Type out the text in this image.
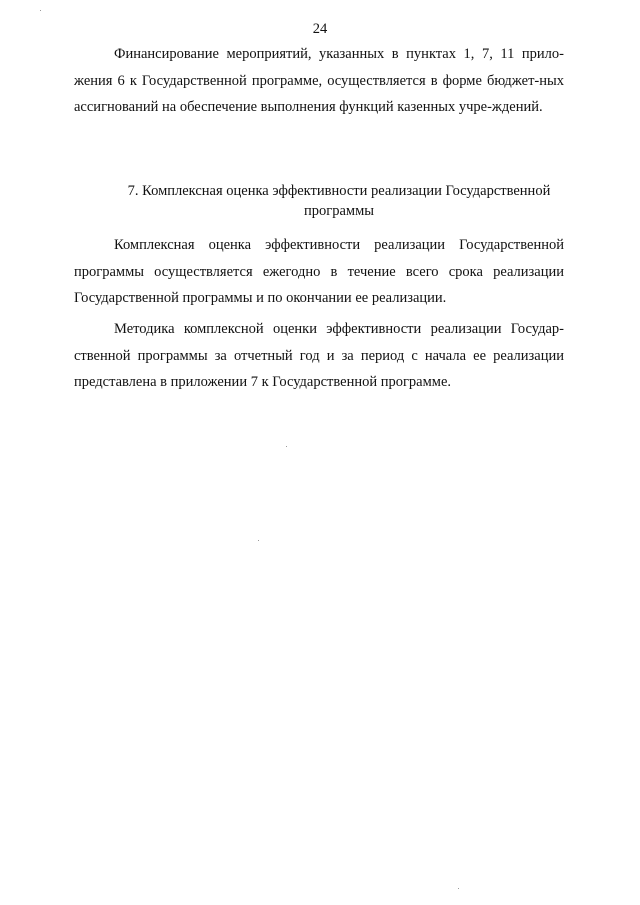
24

Финансирование мероприятий, указанных в пунктах 1, 7, 11 прило-жения 6 к Государственной программе, осуществляется в форме бюджет-ных ассигнований на обеспечение выполнения функций казенных учре-ждений.

7. Комплексная оценка эффективности реализации Государственной
программы

Комплексная оценка эффективности реализации Государственной программы осуществляется ежегодно в течение всего срока реализации Государственной программы и по окончании ее реализации.

Методика комплексной оценки эффективности реализации Государ-ственной программы за отчетный год и за период с начала ее реализации представлена в приложении 7 к Государственной программе.
